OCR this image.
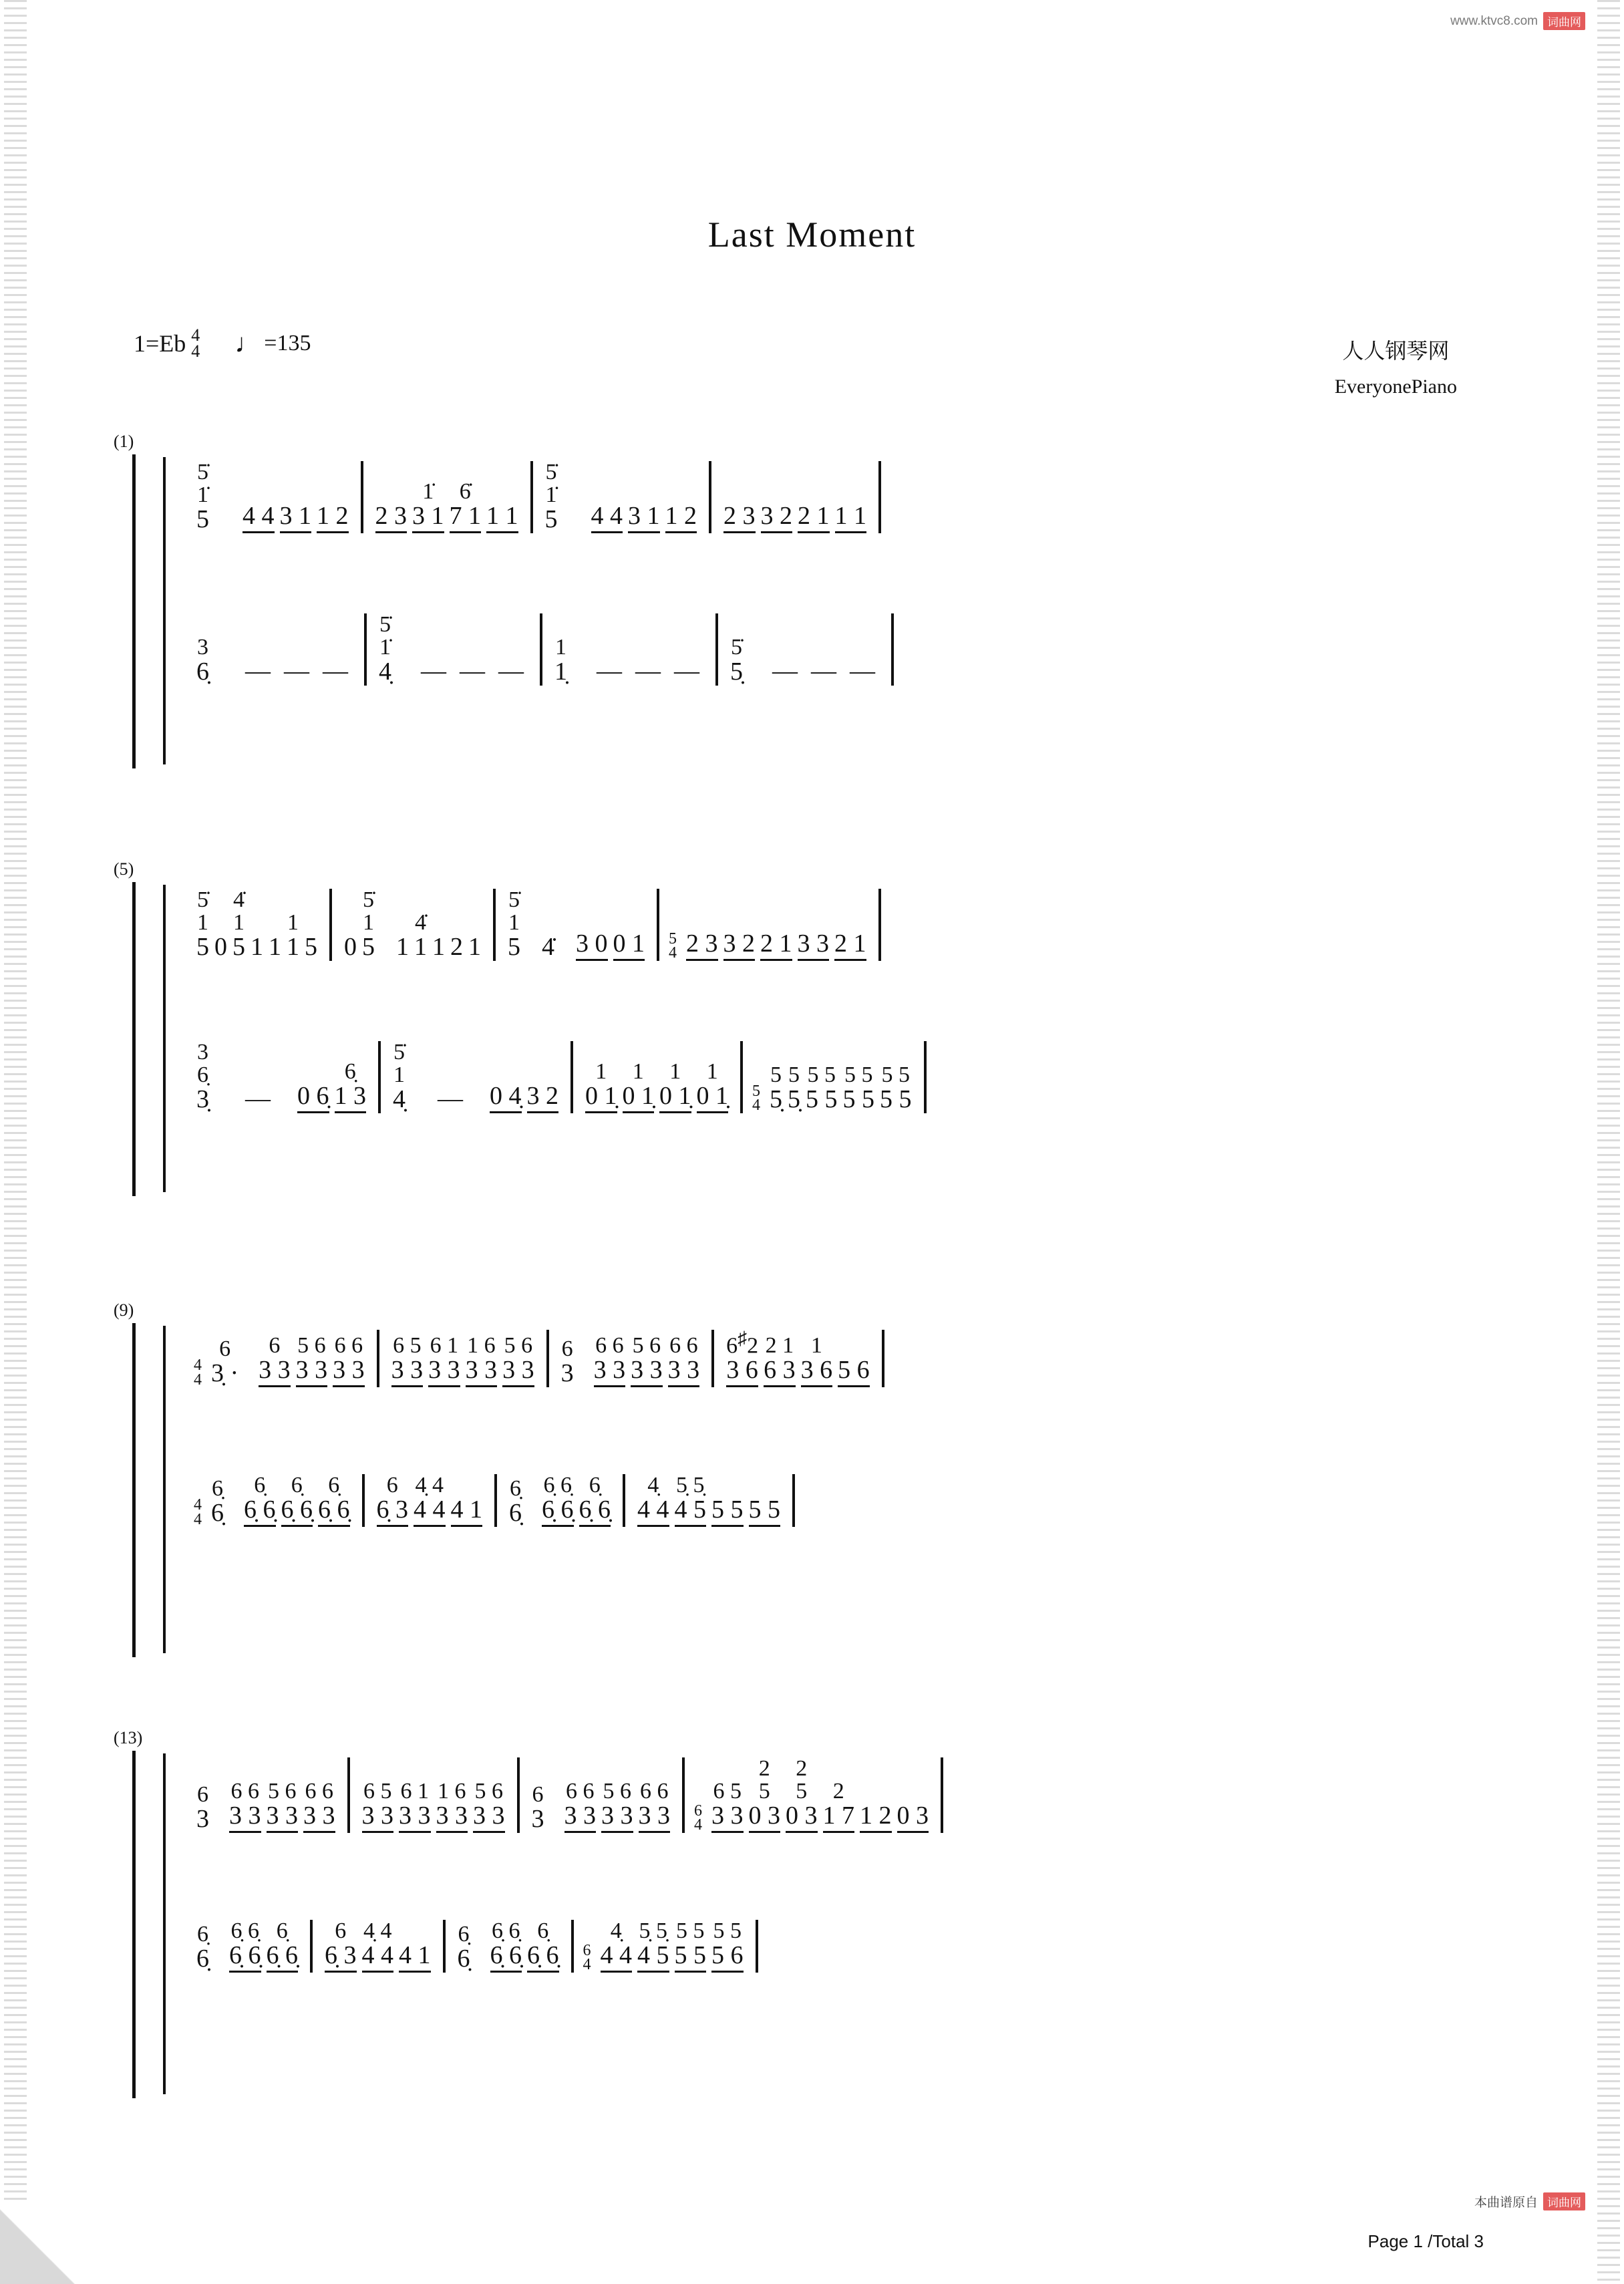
www.ktvc8.com 词曲网
Last Moment
1=Eb 4
4 ♩ =135	人人钢琴网
EveryonePiano
(1)
5̇
1̇
5 4 4 3 1 1 2 2 3
1̇
3 1
6̇
7 1 1 1
5̇
1̇
5 4 4 3 1 1 2 2 3 3 2 2 1 1 1
3
6̣ — — —
5̇
1̇
4̣ — — —
1
1̣ — — —
5̇
5̣ — — —
(5)
5̇
1
5 0
4̇
1
5 1 1
1
1 5 0
5̇
1
5 1
4̇
1 1 2 1
5̇
1
5 4̇ 3 0 0 1 5
4 2 3 3 2 2 1 3 3 2 1
3
6̣
3̣ — 0 6̣
6̣
1 3
5̇
1
4̣ — 0 4̣ 3 2
1
0 1̣
1
0 1̣
1
0 1̣
1
0 1̣ 5
4
5
5̣
5
5̣
5 5
5 5
5 5
5 5
5 5
5 5
(9)
4
4
6
3̣ ·
6
3 3
5 6
3 3
6 6
3 3
6 5
3 3
6 1
3 3
1 6
3 3
5 6
3 3
6
3
6 6
3 3
5 6
3 3
6 6
3 3
6♯2
3 6
2 1
6 3
1
3 6 5 6
4
4
6̣
6̣
6̣
6̣ 6̣
6̣
6̣ 6̣
6̣
6̣ 6̣
6
6̣ 3
4̣ 4
4 4 4 1
6̣
6̣
6̣ 6̣
6̣ 6̣
6̣
6̣ 6̣
4̣
4 4
5̣ 5̣
4 5 5 5 5 5
(13)
6
3
6 6
3 3
5 6
3 3
6 6
3 3
6 5
3 3
6 1
3 3
1 6
3 3
5 6
3 3
6
3
6 6
3 3
5 6
3 3
6 6
3 3 6
4
6 5
3 3
2
5
0 3
2
5
0 3
2
1 7 1 2 0 3
6̣
6̣
6̣ 6̣
6̣ 6̣
6̣
6̣ 6̣
6
6̣ 3
4̣ 4
4 4 4 1
6̣
6̣
6̣ 6̣
6̣ 6̣
6̣
6̣ 6̣ 6
4
4̣
4 4
5̣ 5̣
4 5
5 5
5 5
5 5
5 6
本曲谱原自 词曲网
Page 1 /Total 3
